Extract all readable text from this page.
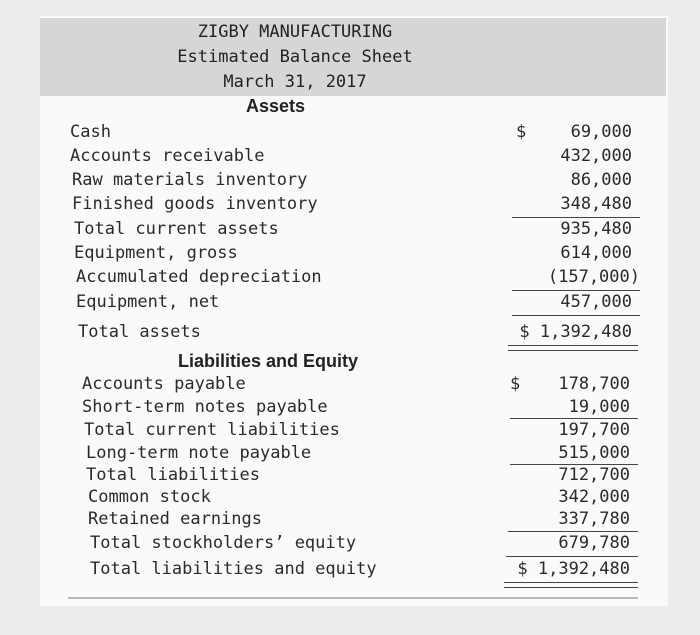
ZIGBY MANUFACTURING
Estimated Balance Sheet
March 31, 2017
Assets
Cash	$	69,000
Accounts receivable	432,000
Raw materials inventory	86,000
Finished goods inventory	348,480
Total current assets	935,480
Equipment, gross	614,000
Accumulated depreciation	(157,000)
Equipment, net	457,000
Total assets	$ 1,392,480
Liabilities and Equity
Accounts payable	$	178,700
Short-term notes payable	19,000
Total current liabilities	197,700
Long-term note payable	515,000
Total liabilities	712,700
Common stock	342,000
Retained earnings	337,780
Total stockholders’ equity	679,780
Total liabilities and equity	$ 1,392,480
